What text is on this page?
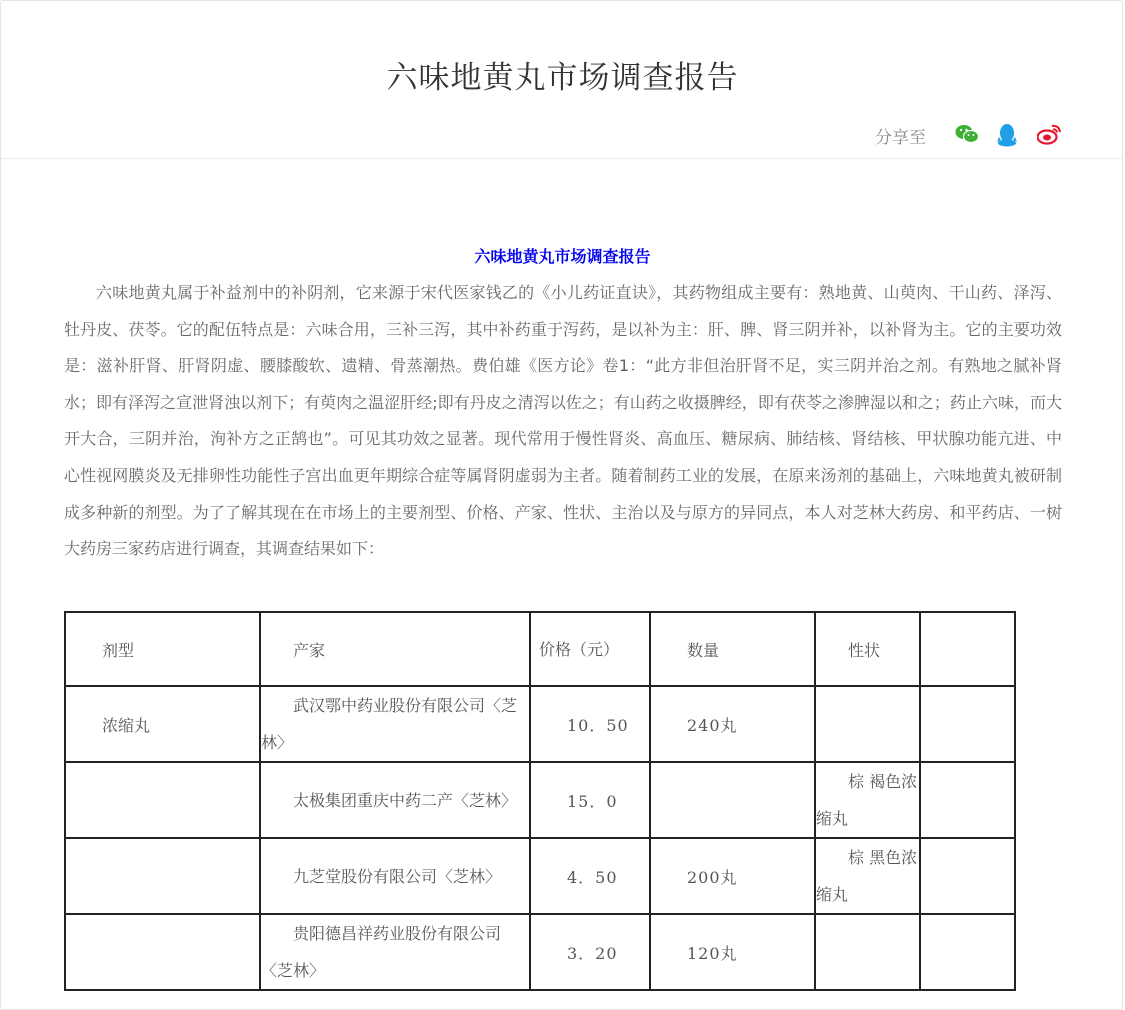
六味地黄丸市场调查报告
分享至
六味地黄丸市场调查报告

六味地黄丸属于补益剂中的补阴剂，它来源于宋代医家钱乙的《小儿药证直诀》，其药物组成主要有：熟地黄、山萸肉、干山药、泽泻、牡丹皮、茯苓。它的配伍特点是：六味合用，三补三泻，其中补药重于泻药，是以补为主：肝、脾、肾三阴并补，以补肾为主。它的主要功效是：滋补肝肾、肝肾阴虚、腰膝酸软、遗精、骨蒸潮热。费伯雄《医方论》卷1：“此方非但治肝肾不足，实三阴并治之剂。有熟地之腻补肾水；即有泽泻之宣泄肾浊以剂下；有萸肉之温涩肝经;即有丹皮之清泻以佐之；有山药之收摄脾经，即有茯苓之渗脾湿以和之；药止六味，而大开大合，三阴并治，洵补方之正鹄也”。可见其功效之显著。现代常用于慢性肾炎、高血压、糖尿病、肺结核、肾结核、甲状腺功能亢进、中心性视网膜炎及无排卵性功能性子宫出血更年期综合症等属肾阴虚弱为主者。随着制药工业的发展，在原来汤剂的基础上，六味地黄丸被研制成多种新的剂型。为了了解其现在在市场上的主要剂型、价格、产家、性状、主治以及与原方的异同点，本人对芝林大药房、和平药店、一树大药房三家药店进行调查，其调查结果如下：

剂型	产家	价格（元）	数量	性状	

浓缩丸	武汉鄂中药业股份有限公司〈芝林〉	10．50	240丸	

	太极集团重庆中药二产〈芝林〉	15．0		棕 褐色浓缩丸	

	九芝堂股份有限公司〈芝林〉	4．50	200丸	棕 黑色浓缩丸	

	贵阳德昌祥药业股份有限公司〈芝林〉	3．20	120丸	
